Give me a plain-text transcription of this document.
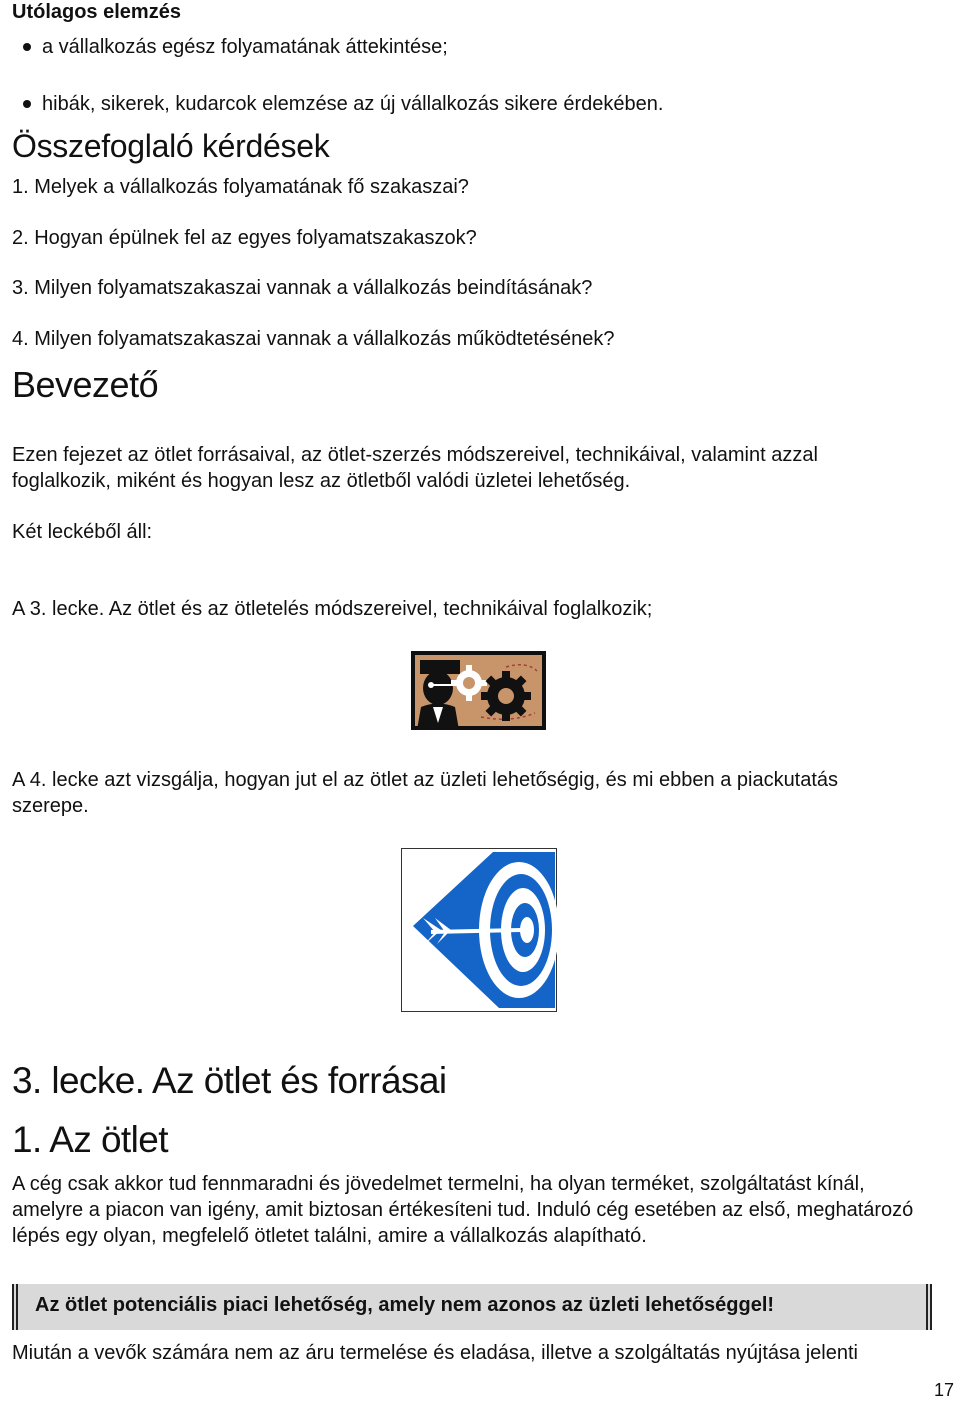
Utólagos elemzés
a vállalkozás egész folyamatának áttekintése;
hibák, sikerek, kudarcok elemzése az új vállalkozás sikere érdekében.
Összefoglaló kérdések
1. Melyek a vállalkozás folyamatának fő szakaszai?
2. Hogyan épülnek fel az egyes folyamatszakaszok?
3. Milyen folyamatszakaszai vannak a vállalkozás beindításának?
4. Milyen folyamatszakaszai vannak a vállalkozás működtetésének?
Bevezető
Ezen fejezet az ötlet forrásaival, az ötlet-szerzés módszereivel, technikáival, valamint azzal foglalkozik, miként és hogyan lesz az ötletből valódi üzletei lehetőség.
Két leckéből áll:
A 3. lecke. Az ötlet és az ötletelés módszereivel, technikáival foglalkozik;
A 4. lecke azt vizsgálja, hogyan jut el az ötlet az üzleti lehetőségig, és mi ebben a piackutatás szerepe.
3. lecke. Az ötlet és forrásai
1. Az ötlet
A cég csak akkor tud fennmaradni és jövedelmet termelni, ha olyan terméket, szolgáltatást kínál, amelyre a piacon van igény, amit biztosan értékesíteni tud. Induló cég esetében az első, meghatározó lépés egy olyan, megfelelő ötletet találni, amire a vállalkozás alapítható.
Az ötlet potenciális piaci lehetőség, amely nem azonos az üzleti lehetőséggel!
Miután a vevők számára nem az áru termelése és eladása, illetve a szolgáltatás nyújtása jelenti
17
